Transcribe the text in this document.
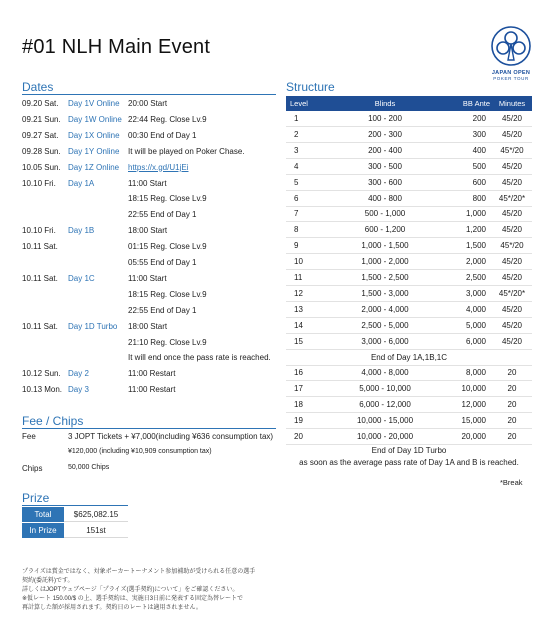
#01 NLH Main Event
JAPAN OPEN
POKER TOUR
Dates
09.20 Sat. Day 1V Online 20:00 Start
09.21 Sun. Day 1W Online 22:44 Reg. Close Lv.9
09.27 Sat. Day 1X Online 00:30 End of Day 1
09.28 Sun. Day 1Y Online It will be played on Poker Chase.
10.05 Sun. Day 1Z Online https://x.gd/U1jEi
10.10 Fri. Day 1A	11:00 Start
18:15 Reg. Close Lv.9
22:55 End of Day 1
10.10 Fri. Day 1B	18:00 Start
10.11 Sat.	01:15 Reg. Close Lv.9
05:55 End of Day 1
10.11 Sat. Day 1C	11:00 Start
18:15 Reg. Close Lv.9
22:55 End of Day 1
10.11 Sat. Day 1D Turbo 18:00 Start
21:10 Reg. Close Lv.9
It will end once the pass rate is reached.
10.12 Sun. Day 2	11:00 Restart
10.13 Mon. Day 3	11:00 Restart
Structure
Level	Blinds	BB Ante	Minutes
1	100 - 200	200	45/20
2	200 - 300	300	45/20
3	200 - 400	400	45*/20
4	300 - 500	500	45/20
5	300 - 600	600	45/20
6	400 - 800	800	45*/20*
7	500 - 1,000	1,000	45/20
8	600 - 1,200	1,200	45/20
9	1,000 - 1,500	1,500	45*/20
10	1,000 - 2,000	2,000	45/20
11	1,500 - 2,500	2,500	45/20
12	1,500 - 3,000	3,000	45*/20*
13	2,000 - 4,000	4,000	45/20
14	2,500 - 5,000	5,000	45/20
15	3,000 - 6,000	6,000	45/20
End of Day 1A,1B,1C
16	4,000 - 8,000	8,000	20
17	5,000 - 10,000	10,000	20
18	6,000 - 12,000	12,000	20
19	10,000 - 15,000	15,000	20
20	10,000 - 20,000	20,000	20
End of Day 1D Turbo
as soon as the average pass rate of Day 1A and B is reached.
*Break
Fee / Chips
Fee	3 JOPT Tickets + ¥7,000(including ¥636 consumption tax)
¥120,000 (including ¥10,909 consumption tax)
Chips	50,000 Chips
Prize
Total	$625,082.15
In Prize	151st
プライズは賞金ではなく、対象ポーカートーナメント参加補助が受けられる任意の選手
契約(委託料)です。
詳しくはJOPTウェブページ「プライズ(選手契約)について」をご確認ください。
※仮レート 150.00/$ の上、選手契約は、実施日3日前に発表する固定為替レートで
再計算した額が採用されます。契約日のレートは適用されません。
